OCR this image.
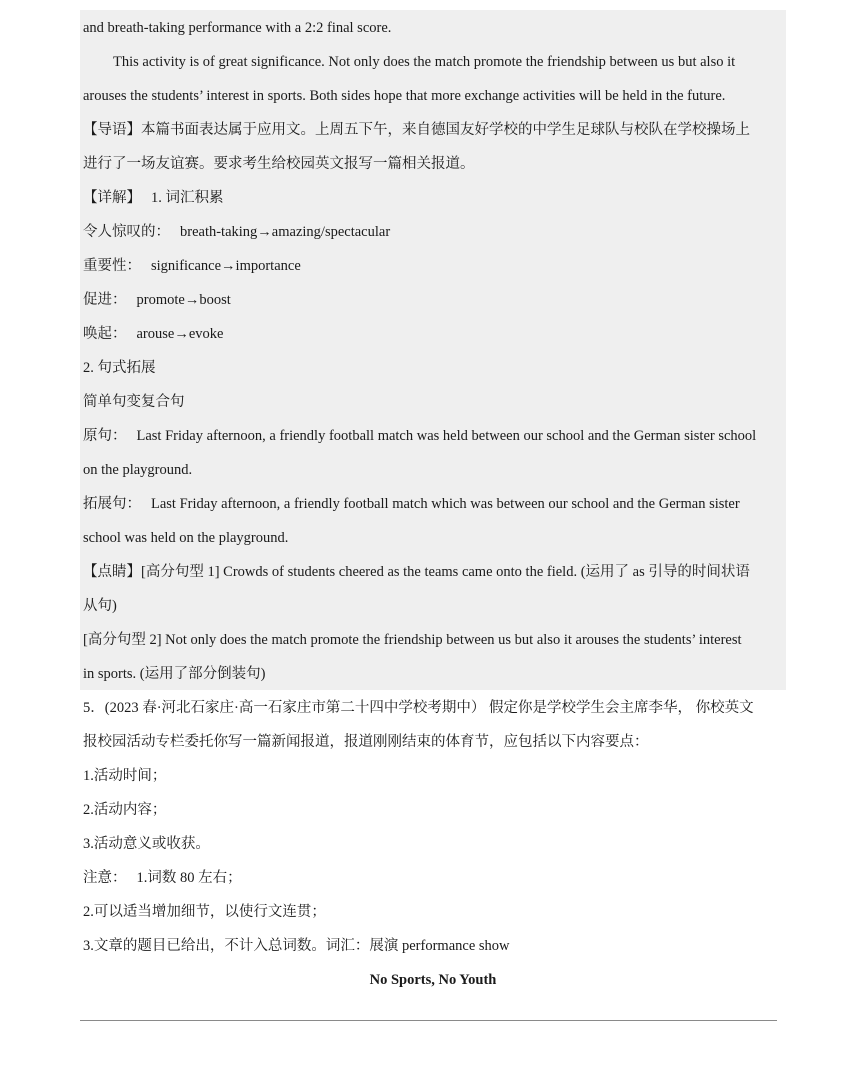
and breath-taking performance with a 2:2 final score.
This activity is of great significance. Not only does the match promote the friendship between us but also it
arouses the students’ interest in sports. Both sides hope that more exchange activities will be held in the future.
【导语】本篇书面表达属于应用文。上周五下午，来自德国友好学校的中学生足球队与校队在学校操场上
进行了一场友谊赛。要求考生给校园英文报写一篇相关报道。
【详解】 1. 词汇积累
令人惊叹的： breath-taking→amazing/spectacular
重要性： significance→importance
促进： promote→boost
唤起： arouse→evoke
2. 句式拓展
简单句变复合句
原句： Last Friday afternoon, a friendly football match was held between our school and the German sister school
on the playground.
拓展句： Last Friday afternoon, a friendly football match which was between our school and the German sister
school was held on the playground.
【点睛】[高分句型 1] Crowds of students cheered as the teams came onto the field. (运用了 as 引导的时间状语
从句)
[高分句型 2] Not only does the match promote the friendship between us but also it arouses the students’ interest
in sports. (运用了部分倒装句)
5．(2023 春·河北石家庄·高一石家庄市第二十四中学校考期中） 假定你是学校学生会主席李华， 你校英文
报校园活动专栏委托你写一篇新闻报道，报道刚刚结束的体育节，应包括以下内容要点：
1.活动时间；
2.活动内容；
3.活动意义或收获。
注意： 1.词数 80 左右；
2.可以适当增加细节，以使行文连贯；
3.文章的题目已给出，不计入总词数。词汇：展演 performance show
No Sports, No Youth
